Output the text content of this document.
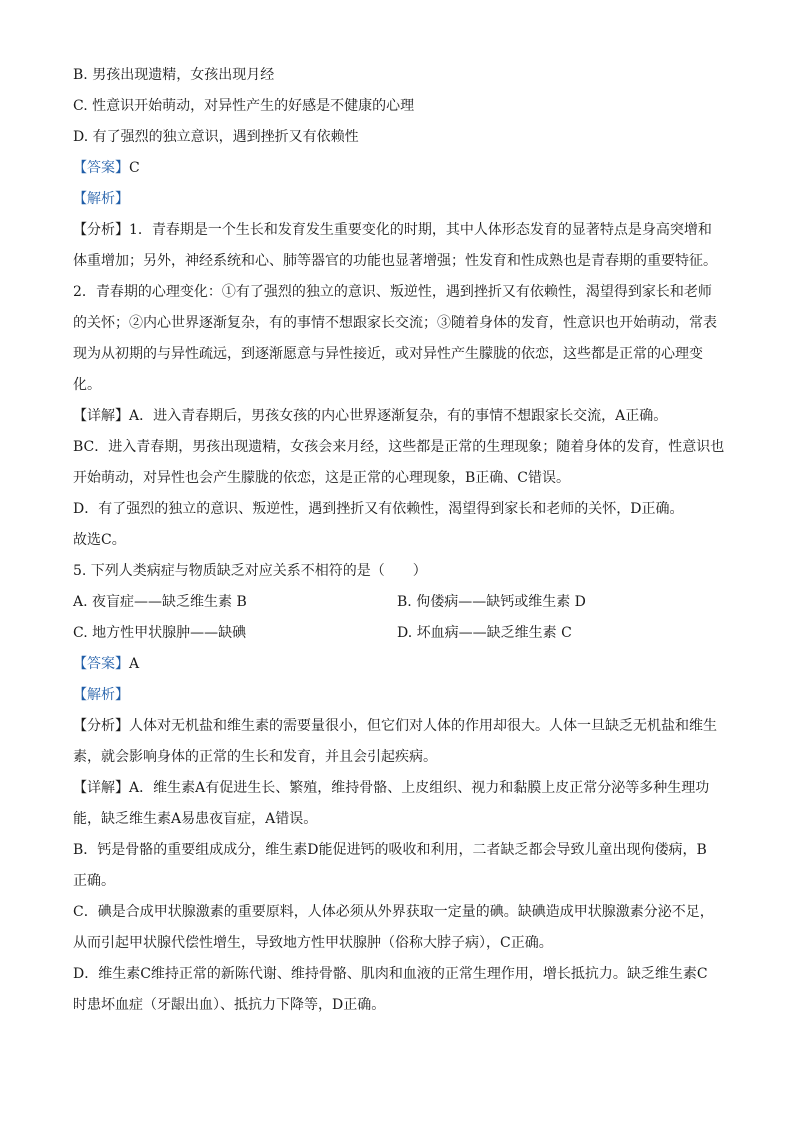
B. 男孩出现遗精，女孩出现月经

C. 性意识开始萌动，对异性产生的好感是不健康的心理

D. 有了强烈的独立意识，遇到挫折又有依赖性

【答案】C

【解析】

【分析】1．青春期是一个生长和发育发生重要变化的时期，其中人体形态发育的显著特点是身高突增和

体重增加；另外，神经系统和心、肺等器官的功能也显著增强；性发育和性成熟也是青春期的重要特征。

2．青春期的心理变化：①有了强烈的独立的意识、叛逆性，遇到挫折又有依赖性，渴望得到家长和老师

的关怀；②内心世界逐渐复杂，有的事情不想跟家长交流；③随着身体的发育，性意识也开始萌动，常表

现为从初期的与异性疏远，到逐渐愿意与异性接近，或对异性产生朦胧的依恋，这些都是正常的心理变

化。

【详解】A．进入青春期后，男孩女孩的内心世界逐渐复杂，有的事情不想跟家长交流，A正确。

BC．进入青春期，男孩出现遗精，女孩会来月经，这些都是正常的生理现象；随着身体的发育，性意识也

开始萌动，对异性也会产生朦胧的依恋，这是正常的心理现象，B正确、C错误。

D．有了强烈的独立的意识、叛逆性，遇到挫折又有依赖性，渴望得到家长和老师的关怀，D正确。

故选C。

5. 下列人类病症与物质缺乏对应关系不相符的是（　　）

A. 夜盲症——缺乏维生素 B	B. 佝偻病——缺钙或维生素 D
C. 地方性甲状腺肿——缺碘	D. 坏血病——缺乏维生素 C

【答案】A

【解析】

【分析】人体对无机盐和维生素的需要量很小，但它们对人体的作用却很大。人体一旦缺乏无机盐和维生

素，就会影响身体的正常的生长和发育，并且会引起疾病。

【详解】A．维生素A有促进生长、繁殖，维持骨骼、上皮组织、视力和黏膜上皮正常分泌等多种生理功

能，缺乏维生素A易患夜盲症，A错误。

B．钙是骨骼的重要组成成分，维生素D能促进钙的吸收和利用，二者缺乏都会导致儿童出现佝偻病，B

正确。

C．碘是合成甲状腺激素的重要原料，人体必须从外界获取一定量的碘。缺碘造成甲状腺激素分泌不足，

从而引起甲状腺代偿性增生，导致地方性甲状腺肿（俗称大脖子病），C正确。

D．维生素C维持正常的新陈代谢、维持骨骼、肌肉和血液的正常生理作用，增长抵抗力。缺乏维生素C

时患坏血症（牙龈出血）、抵抗力下降等，D正确。
